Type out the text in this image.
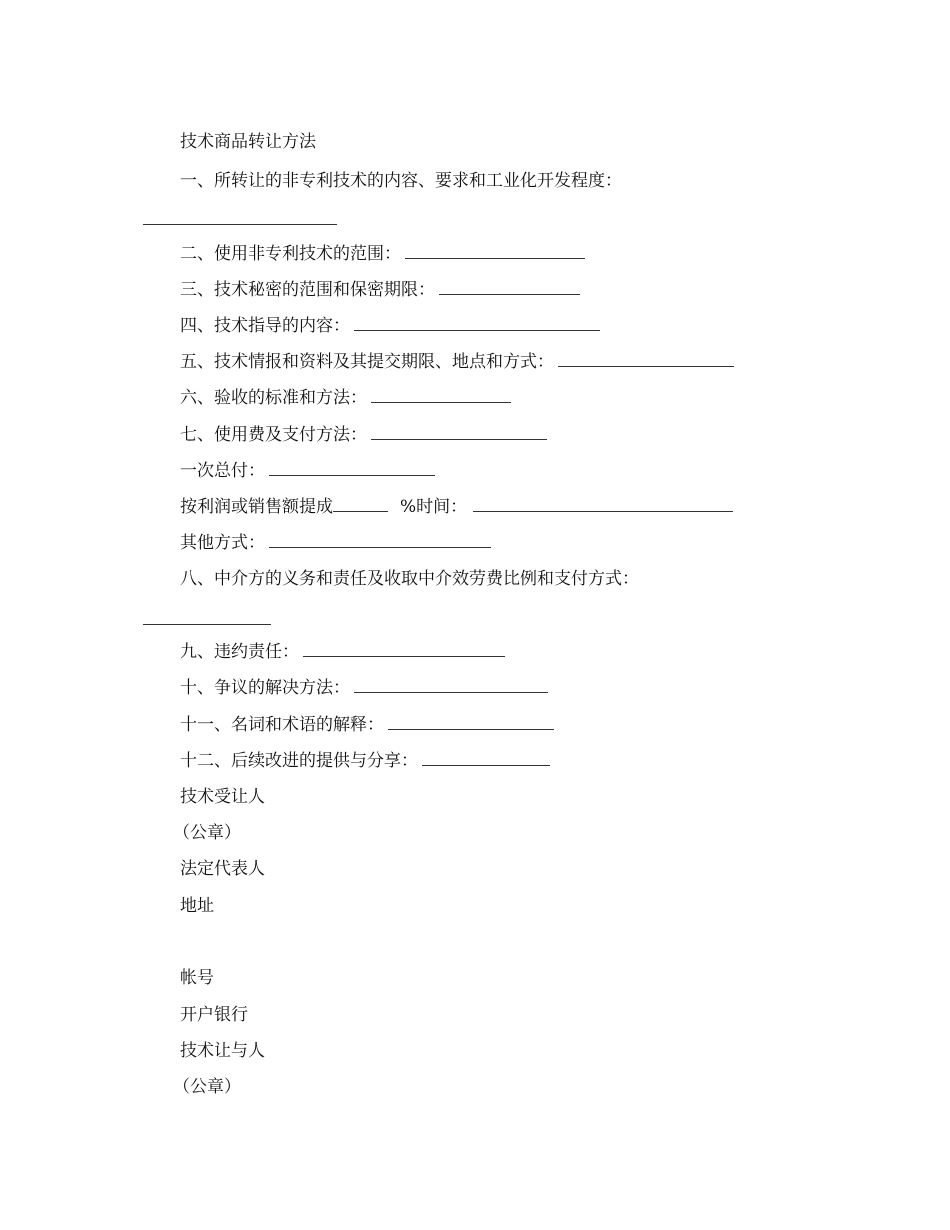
技术商品转让方法
一、所转让的非专利技术的内容、要求和工业化开发程度：
二、使用非专利技术的范围：
三、技术秘密的范围和保密期限：
四、技术指导的内容：
五、技术情报和资料及其提交期限、地点和方式：
六、验收的标准和方法：
七、使用费及支付方法：
一次总付：
按利润或销售额提成	%时间：
其他方式：
八、中介方的义务和责任及收取中介效劳费比例和支付方式：
九、违约责任：
十、争议的解决方法：
十一、名词和术语的解释：
十二、后续改进的提供与分享：
技术受让人
（公章）
法定代表人
地址
帐号
开户银行
技术让与人
（公章）
